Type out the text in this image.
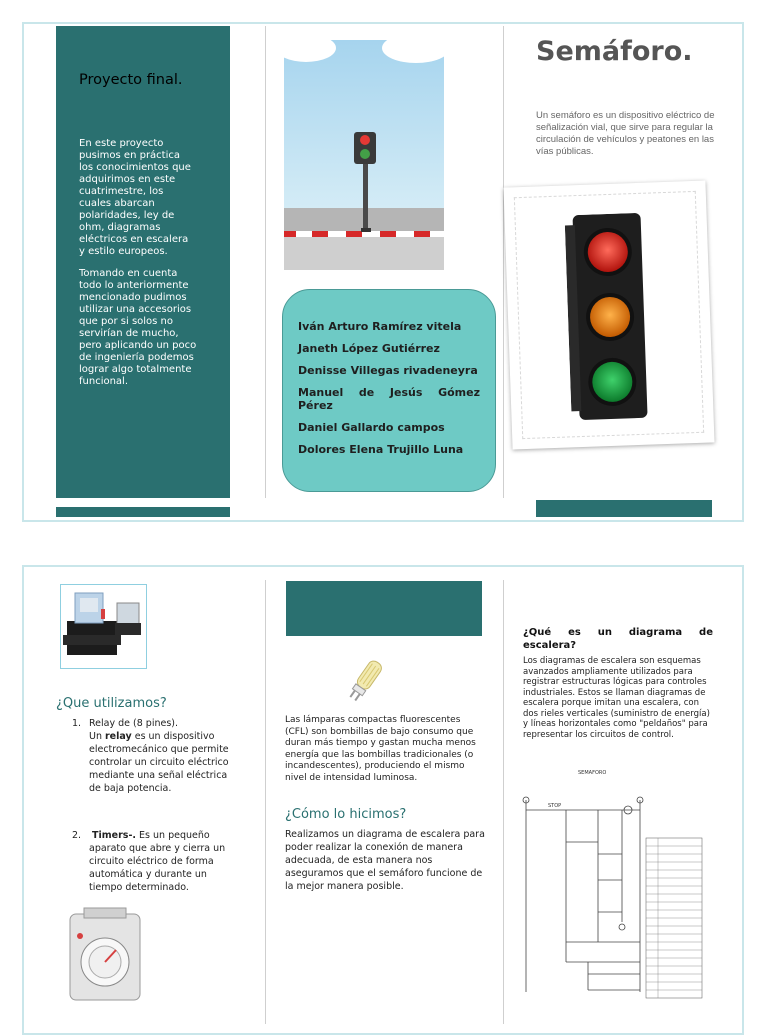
Proyecto final.
En este proyecto pusimos en práctica los conocimientos que adquirimos en este cuatrimestre, los cuales abarcan polaridades, ley de ohm, diagramas eléctricos en escalera y estilo europeos.
Tomando en cuenta todo lo anteriormente mencionado pudimos utilizar una accesorios que por si solos no servirían de mucho, pero aplicando un poco de ingeniería podemos lograr algo totalmente funcional.

Iván Arturo Ramírez vitela

Janeth López Gutiérrez

Denisse Villegas rivadeneyra

Manuel de Jesús Gómez Pérez

Daniel Gallardo campos

Dolores Elena Trujillo Luna

Semáforo.
Un semáforo es un dispositivo eléctrico de señalización vial, que sirve para regular la circulación de vehículos y peatones en las vías públicas.
¿Que utilizamos?
1. Relay de (8 pines).
Un relay es un dispositivo electromecánico que permite controlar un circuito eléctrico mediante una señal eléctrica de baja potencia.
2.	Timers-. Es un pequeño aparato que abre y cierra un circuito eléctrico de forma automática y durante un tiempo determinado.
Las lámparas compactas fluorescentes (CFL) son bombillas de bajo consumo que duran más tiempo y gastan mucha menos energía que las bombillas tradicionales (o incandescentes), produciendo el mismo nivel de intensidad luminosa.
¿Cómo lo hicimos?
Realizamos un diagrama de escalera para poder realizar la conexión de manera adecuada, de esta manera nos aseguramos que el semáforo funcione de la mejor manera posible.
¿Qué es un diagrama de escalera?
Los diagramas de escalera son esquemas avanzados ampliamente utilizados para registrar estructuras lógicas para controles industriales. Estos se llaman diagramas de escalera porque imitan una escalera, con dos rieles verticales (suministro de energía) y líneas horizontales como "peldaños" para representar los circuitos de control.
SEMAFORO
STOP
